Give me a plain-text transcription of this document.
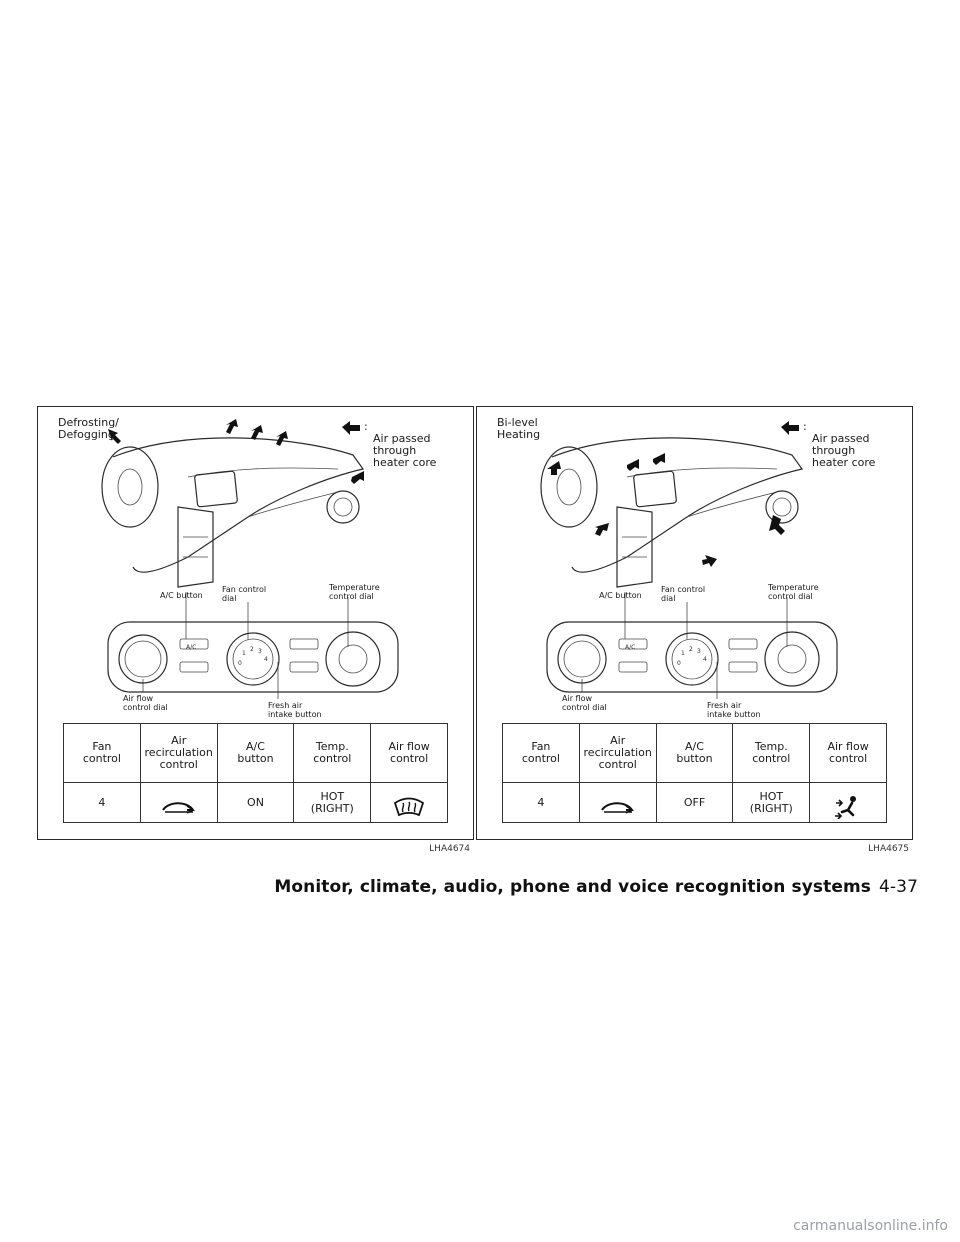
A/C
0
1
2 3
4
Defrosting/
Defogging

:
Air passed
through
heater core

A/C button
Fan control
dial
Temperature
control dial
Air flow
control dial	Fresh air
intake button
Fan
control	Air
recirculation
control	A/C
button	Temp.
control	Air flow
control
4		ON	HOT
(RIGHT)	

LHA4674
A/C
0
1
2 3
4
Bi-level
Heating

:
Air passed
through
heater core

A/C button
Fan control
dial
Temperature
control dial
Air flow
control dial	Fresh air
intake button
Fan
control	Air
recirculation
control	A/C
button	Temp.
control	Air flow
control
4		OFF	HOT
(RIGHT)	

LHA4675
Monitor, climate, audio, phone and voice recognition systems 4-37
carmanualsonline.info
